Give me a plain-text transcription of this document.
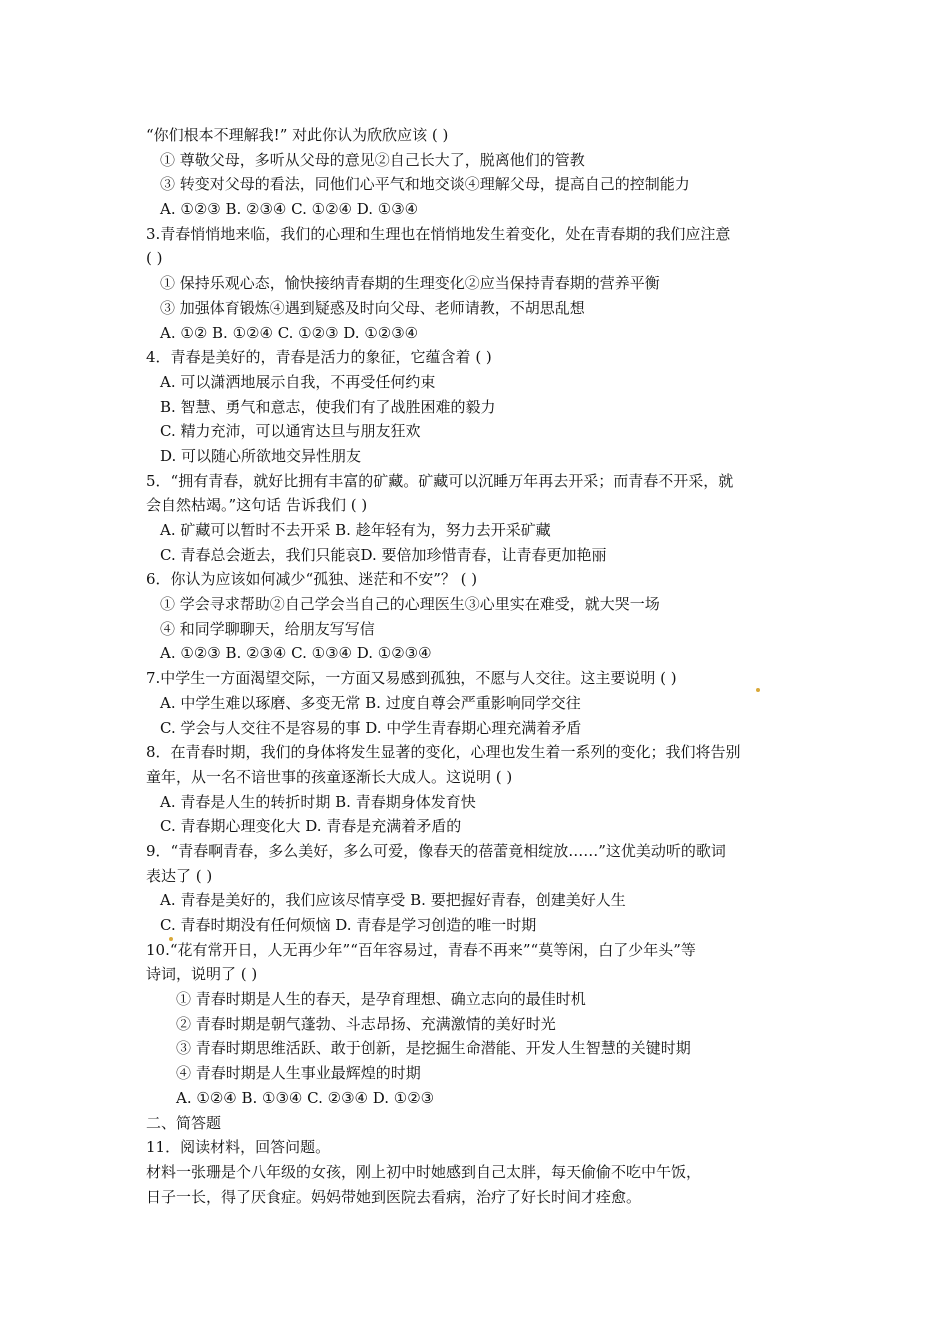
“你们根本不理解我!” 对此你认为欣欣应该 ( )
① 尊敬父母，多听从父母的意见②自己长大了，脱离他们的管教
③ 转变对父母的看法，同他们心平气和地交谈④理解父母，提高自己的控制能力
A. ①②③ B. ②③④ C. ①②④ D. ①③④
3.青春悄悄地来临，我们的心理和生理也在悄悄地发生着变化，处在青春期的我们应注意
( )
① 保持乐观心态，愉快接纳青春期的生理变化②应当保持青春期的营养平衡
③ 加强体育锻炼④遇到疑惑及时向父母、老师请教，不胡思乱想
A. ①② B. ①②④ C. ①②③ D. ①②③④
4．青春是美好的，青春是活力的象征，它蕴含着 ( )
A. 可以潇洒地展示自我，不再受任何约束
B. 智慧、勇气和意志，使我们有了战胜困难的毅力
C. 精力充沛，可以通宵达旦与朋友狂欢
D. 可以随心所欲地交异性朋友
5．“拥有青春，就好比拥有丰富的矿藏。矿藏可以沉睡万年再去开采；而青春不开采，就
会自然枯竭。”这句话 告诉我们 ( )
A. 矿藏可以暂时不去开采 B. 趁年轻有为，努力去开采矿藏
C. 青春总会逝去，我们只能哀D. 要倍加珍惜青春，让青春更加艳丽
6．你认为应该如何减少“孤独、迷茫和不安”？ ( )
① 学会寻求帮助②自己学会当自己的心理医生③心里实在难受，就大哭一场
④ 和同学聊聊天，给朋友写写信
A. ①②③ B. ②③④ C. ①③④ D. ①②③④
7.中学生一方面渴望交际，一方面又易感到孤独，不愿与人交往。这主要说明 ( )
A. 中学生难以琢磨、多变无常 B. 过度自尊会严重影响同学交往
C. 学会与人交往不是容易的事 D. 中学生青春期心理充满着矛盾
8．在青春时期，我们的身体将发生显著的变化，心理也发生着一系列的变化；我们将告别
童年，从一名不谙世事的孩童逐渐长大成人。这说明 ( )
A. 青春是人生的转折时期 B. 青春期身体发育快
C. 青春期心理变化大 D. 青春是充满着矛盾的
9．“青春啊青春，多么美好，多么可爱，像春天的蓓蕾竟相绽放……”这优美动听的歌词
表达了 ( )
A. 青春是美好的，我们应该尽情享受 B. 要把握好青春，创建美好人生
C. 青春时期没有任何烦恼 D. 青春是学习创造的唯一时期
10.“花有常开日，人无再少年”“百年容易过，青春不再来”“莫等闲，白了少年头”等
诗词，说明了 ( )
① 青春时期是人生的春天，是孕育理想、确立志向的最佳时机
② 青春时期是朝气蓬勃、斗志昂扬、充满激情的美好时光
③ 青春时期思维活跃、敢于创新，是挖掘生命潜能、开发人生智慧的关键时期
④ 青春时期是人生事业最辉煌的时期
A. ①②④ B. ①③④ C. ②③④ D. ①②③
二、简答题
11．阅读材料，回答问题。
材料一张珊是个八年级的女孩，刚上初中时她感到自己太胖，每天偷偷不吃中午饭，
日子一长，得了厌食症。妈妈带她到医院去看病，治疗了好长时间才痊愈。
